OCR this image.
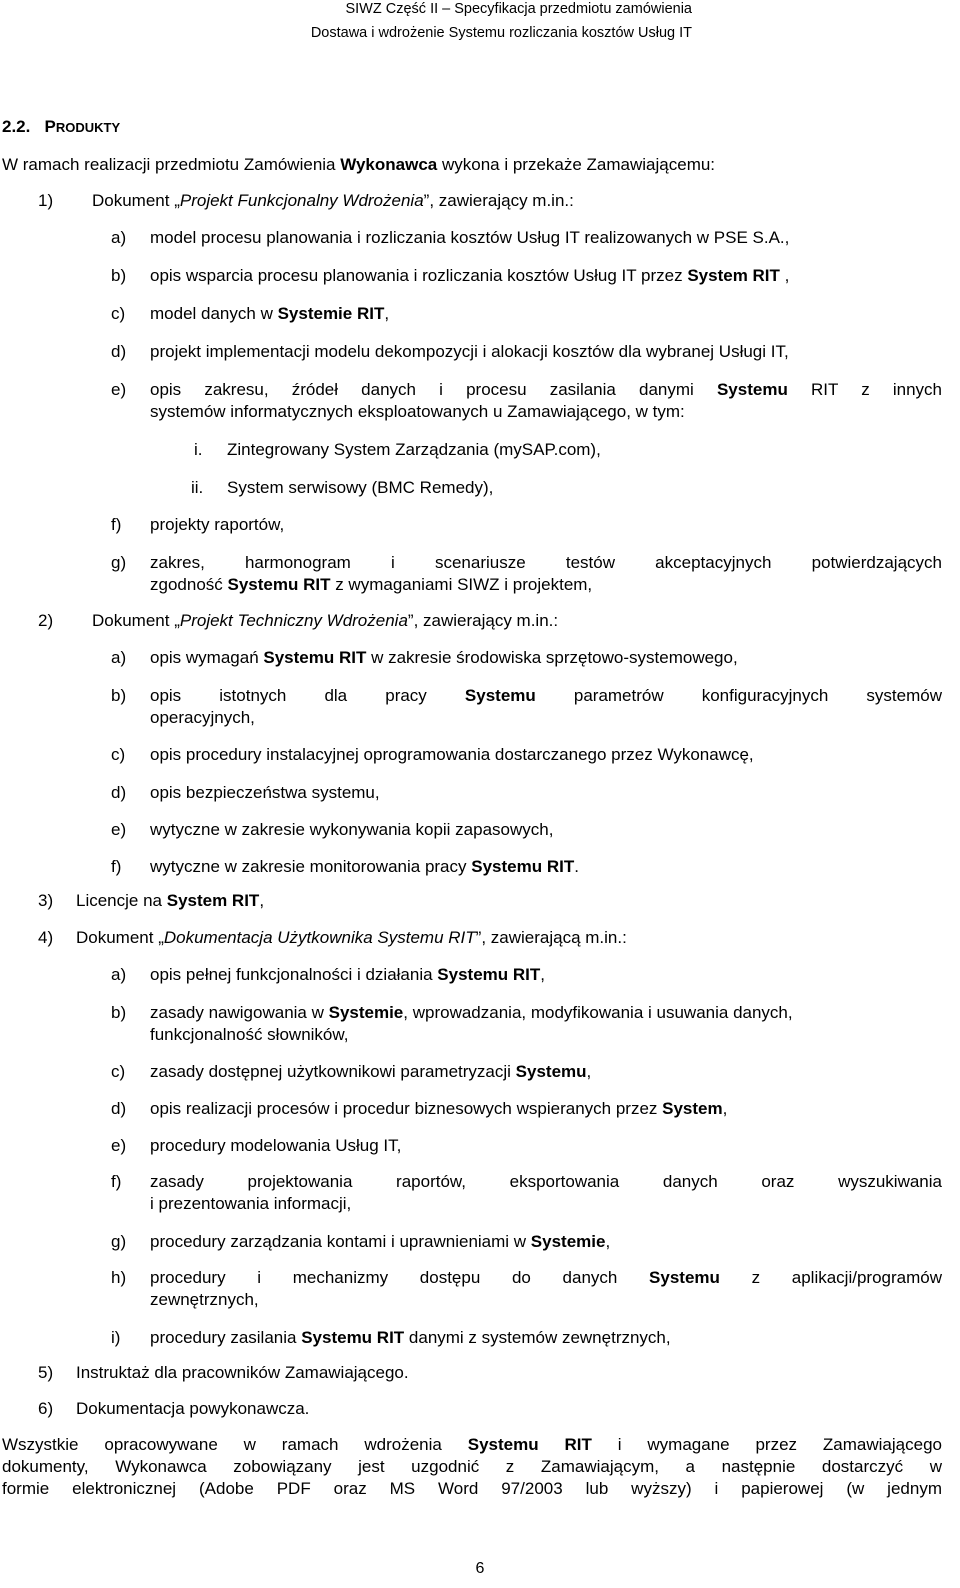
SIWZ Część II – Specyfikacja przedmiotu zamówienia
Dostawa i wdrożenie Systemu rozliczania kosztów Usług IT
2.2. PRODUKTY
W ramach realizacji przedmiotu Zamówienia Wykonawca wykona i przekaże Zamawiającemu:
1) Dokument „Projekt Funkcjonalny Wdrożenia”, zawierający m.in.:
a) model procesu planowania i rozliczania kosztów Usług IT realizowanych w PSE S.A.,
b) opis wsparcia procesu planowania i rozliczania kosztów Usług IT przez System RIT ,
c) model danych w Systemie RIT,
d) projekt implementacji modelu dekompozycji i alokacji kosztów dla wybranej Usługi IT,
e) opis zakresu, źródeł danych i procesu zasilania danymi Systemu RIT z innych
systemów informatycznych eksploatowanych u Zamawiającego, w tym:
i. Zintegrowany System Zarządzania (mySAP.com),
ii. System serwisowy (BMC Remedy),
f) projekty raportów,
g) zakres, harmonogram i scenariusze testów akceptacyjnych potwierdzających
zgodność Systemu RIT z wymaganiami SIWZ i projektem,
2) Dokument „Projekt Techniczny Wdrożenia”, zawierający m.in.:
a) opis wymagań Systemu RIT w zakresie środowiska sprzętowo-systemowego,
b) opis istotnych dla pracy Systemu parametrów konfiguracyjnych systemów
operacyjnych,
c) opis procedury instalacyjnej oprogramowania dostarczanego przez Wykonawcę,
d) opis bezpieczeństwa systemu,
e) wytyczne w zakresie wykonywania kopii zapasowych,
f) wytyczne w zakresie monitorowania pracy Systemu RIT.
3) Licencje na System RIT,
4) Dokument „Dokumentacja Użytkownika Systemu RIT”, zawierającą m.in.:
a) opis pełnej funkcjonalności i działania Systemu RIT,
b) zasady nawigowania w Systemie, wprowadzania, modyfikowania i usuwania danych,
funkcjonalność słowników,
c) zasady dostępnej użytkownikowi parametryzacji Systemu,
d) opis realizacji procesów i procedur biznesowych wspieranych przez System,
e) procedury modelowania Usług IT,
f) zasady projektowania raportów, eksportowania danych oraz wyszukiwania
i prezentowania informacji,
g) procedury zarządzania kontami i uprawnieniami w Systemie,
h) procedury i mechanizmy dostępu do danych Systemu z aplikacji/programów
zewnętrznych,
i) procedury zasilania Systemu RIT danymi z systemów zewnętrznych,
5) Instruktaż dla pracowników Zamawiającego.
6) Dokumentacja powykonawcza.
Wszystkie opracowywane w ramach wdrożenia Systemu RIT i wymagane przez Zamawiającego
dokumenty, Wykonawca zobowiązany jest uzgodnić z Zamawiającym, a następnie dostarczyć w
formie elektronicznej (Adobe PDF oraz MS Word 97/2003 lub wyższy) i papierowej (w jednym
6
